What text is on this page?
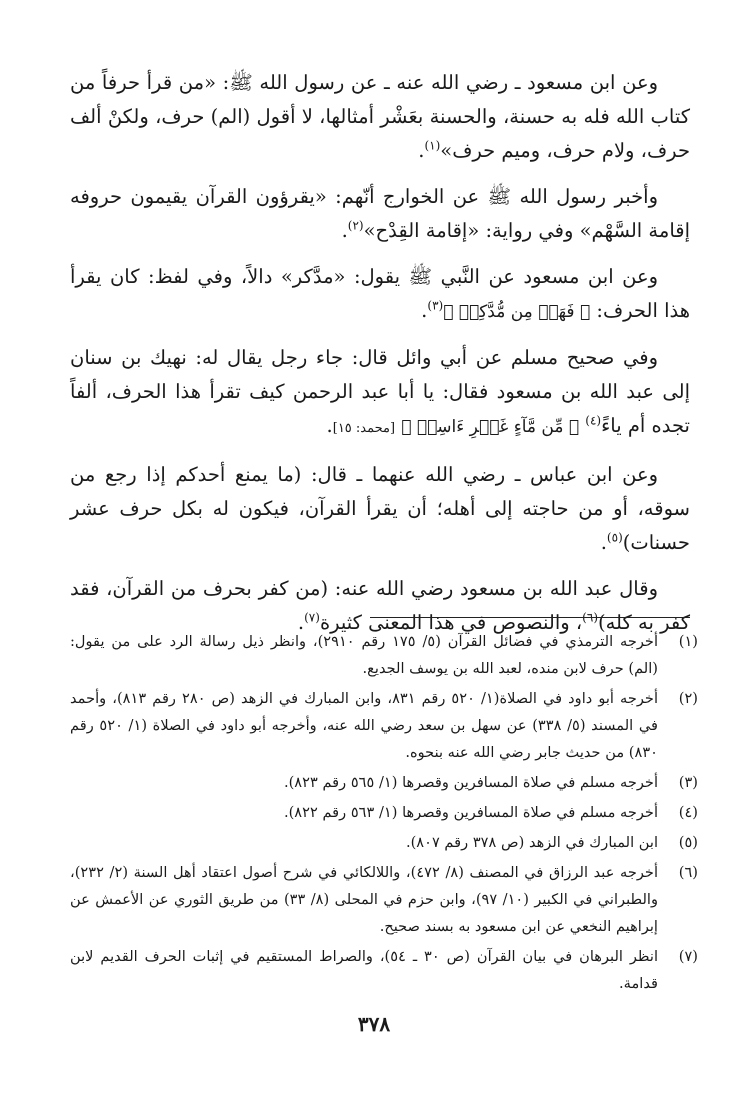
وعن ابن مسعود ـ رضي الله عنه ـ عن رسول الله ﷺ: «من قرأ حرفاً من كتاب الله فله به حسنة، والحسنة بعَشْر أمثالها، لا أقول (الم) حرف، ولكنْ ألف حرف، ولام حرف، وميم حرف»$^{(١)}$.

وأخبر رسول الله ﷺ عن الخوارج أنّهم: «يقرؤون القرآن يقيمون حروفه إقامة السَّهْم» وفي رواية: «إقامة القِدْح»$^{(٢)}$.

وعن ابن مسعود عن النَّبي ﷺ يقول: «مدَّكر» دالاً، وفي لفظ: كان يقرأ هذا الحرف: ﴿ فَهَلۡ مِن مُّدَّكِرٖ ﴾$^{(٣)}$.

وفي صحيح مسلم عن أبي وائل قال: جاء رجل يقال له: نهيك بن سنان إلى عبد الله بن مسعود فقال: يا أبا عبد الرحمن كيف تقرأ هذا الحرف، ألفاً تجده أم ياءً$^{(٤)}$ ﴿ مِّن مَّآءٍ غَيۡرِ ءَاسِنٖ ﴾ [محمد: ١٥].

وعن ابن عباس ـ رضي الله عنهما ـ قال: (ما يمنع أحدكم إذا رجع من سوقه، أو من حاجته إلى أهله؛ أن يقرأ القرآن، فيكون له بكل حرف عشر حسنات)$^{(٥)}$.

وقال عبد الله بن مسعود رضي الله عنه: (من كفر بحرف من القرآن، فقد كفر به كله)$^{(٦)}$، والنصوص في هذا المعنى كثيرة$^{(٧)}$.

(١)
أخرجه الترمذي في فضائل القرآن (٥/ ١٧٥ رقم ٢٩١٠)، وانظر ذيل رسالة الرد على من يقول: (الم) حرف لابن منده، لعبد الله بن يوسف الجديع.
(٢)
أخرجه أبو داود في الصلاة(١/ ٥٢٠ رقم ٨٣١، وابن المبارك في الزهد (ص ٢٨٠ رقم ٨١٣)، وأحمد في المسند (٥/ ٣٣٨) عن سهل بن سعد رضي الله عنه، وأخرجه أبو داود في الصلاة (١/ ٥٢٠ رقم ٨٣٠) من حديث جابر رضي الله عنه بنحوه.
(٣)
أخرجه مسلم في صلاة المسافرين وقصرها (١/ ٥٦٥ رقم ٨٢٣).
(٤)
أخرجه مسلم في صلاة المسافرين وقصرها (١/ ٥٦٣ رقم ٨٢٢).
(٥)
ابن المبارك في الزهد (ص ٣٧٨ رقم ٨٠٧).
(٦)
أخرجه عبد الرزاق في المصنف (٨/ ٤٧٢)، واللالكائي في شرح أصول اعتقاد أهل السنة (٢/ ٢٣٢)، والطبراني في الكبير (١٠/ ٩٧)، وابن حزم في المحلى (٨/ ٣٣) من طريق الثوري عن الأعمش عن إبراهيم النخعي عن ابن مسعود به بسند صحيح.
(٧)
انظر البرهان في بيان القرآن (ص ٣٠ ـ ٥٤)، والصراط المستقيم في إثبات الحرف القديم لابن قدامة.
٣٧٨
